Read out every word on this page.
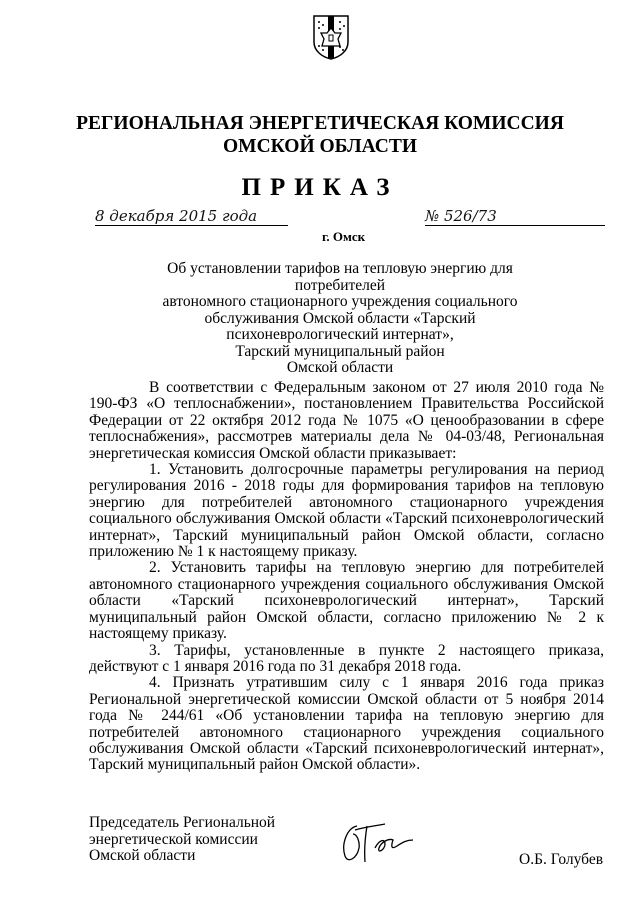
РЕГИОНАЛЬНАЯ ЭНЕРГЕТИЧЕСКАЯ КОМИССИЯ
ОМСКОЙ ОБЛАСТИ
ПРИКАЗ
8 декабря 2015 года	№ 526/73
г. Омск
Об установлении тарифов на тепловую энергию для потребителей
автономного стационарного учреждения социального
обслуживания Омской области «Тарский
психоневрологический интернат»,
Тарский муниципальный район
Омской области

В соответствии с Федеральным законом от 27 июля 2010 года № 190-ФЗ «О теплоснабжении», постановлением Правительства Российской Федерации от 22 октября 2012 года № 1075 «О ценообразовании в сфере теплоснабжения», рассмотрев материалы дела № 04-03/48, Региональная энергетическая комиссия Омской области приказывает:

1. Установить долгосрочные параметры регулирования на период регулирования 2016 - 2018 годы для формирования тарифов на тепловую энергию для потребителей автономного стационарного учреждения социального обслуживания Омской области «Тарский психоневрологический интернат», Тарский муниципальный район Омской области, согласно приложению № 1 к настоящему приказу.

2. Установить тарифы на тепловую энергию для потребителей автономного стационарного учреждения социального обслуживания Омской области «Тарский психоневрологический интернат», Тарский муниципальный район Омской области, согласно приложению № 2 к настоящему приказу.

3. Тарифы, установленные в пункте 2 настоящего приказа, действуют с 1 января 2016 года по 31 декабря 2018 года.

4. Признать утратившим силу с 1 января 2016 года приказ Региональной энергетической комиссии Омской области от 5 ноября 2014 года № 244/61 «Об установлении тарифа на тепловую энергию для потребителей автономного стационарного учреждения социального обслуживания Омской области «Тарский психоневрологический интернат», Тарский муниципальный район Омской области».

Председатель Региональной
энергетической комиссии
Омской области	О.Б. Голубев
